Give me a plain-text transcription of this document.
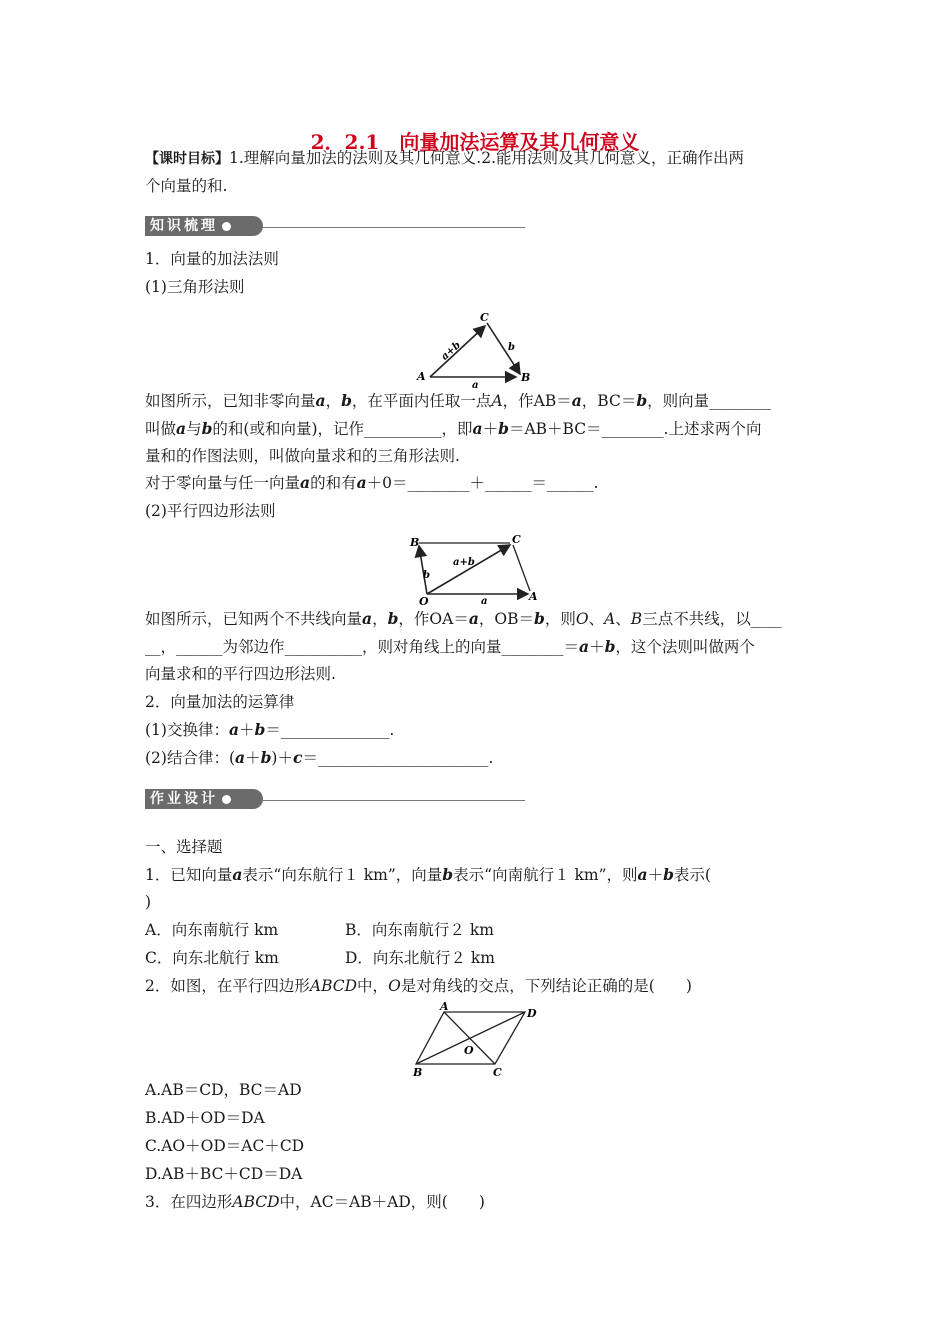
2．2.1　向量加法运算及其几何意义
【课时目标】1.理解向量加法的法则及其几何意义.2.能用法则及其几何意义，正确作出两
个向量的和.
知识梳理
1．向量的加法法则
(1)三角形法则
C
A	B
a
b
a+b
如图所示，已知非零向量a，b，在平面内任取一点A，作AB＝a，BC＝b，则向量________
叫做a与b的和(或和向量)，记作__________，即a＋b＝AB＋BC＝________.上述求两个向
量和的作图法则，叫做向量求和的三角形法则.
对于零向量与任一向量a的和有a＋0＝________＋______＝______.
(2)平行四边形法则
B	C
O	A
a
b
a+b
如图所示，已知两个不共线向量a，b，作OA＝a，OB＝b，则O、A、B三点不共线，以____
__，______为邻边作__________，则对角线上的向量________＝a＋b，这个法则叫做两个
向量求和的平行四边形法则.
2．向量加法的运算律
(1)交换律：a＋b＝______________.
(2)结合律：(a＋b)＋c＝______________________.
作业设计
一、选择题
1．已知向量a表示“向东航行１ km”，向量b表示“向南航行１ km”，则a＋b表示(
)
A．向东南航行 km	B．向东南航行２ km
C．向东北航行 km	D．向东北航行２ km
2．如图，在平行四边形ABCD中，O是对角线的交点，下列结论正确的是(　　)
A
D
B	C
O
A.AB＝CD，BC＝AD
B.AD＋OD＝DA
C.AO＋OD＝AC＋CD
D.AB＋BC＋CD＝DA
3．在四边形ABCD中，AC＝AB＋AD，则(　　)
